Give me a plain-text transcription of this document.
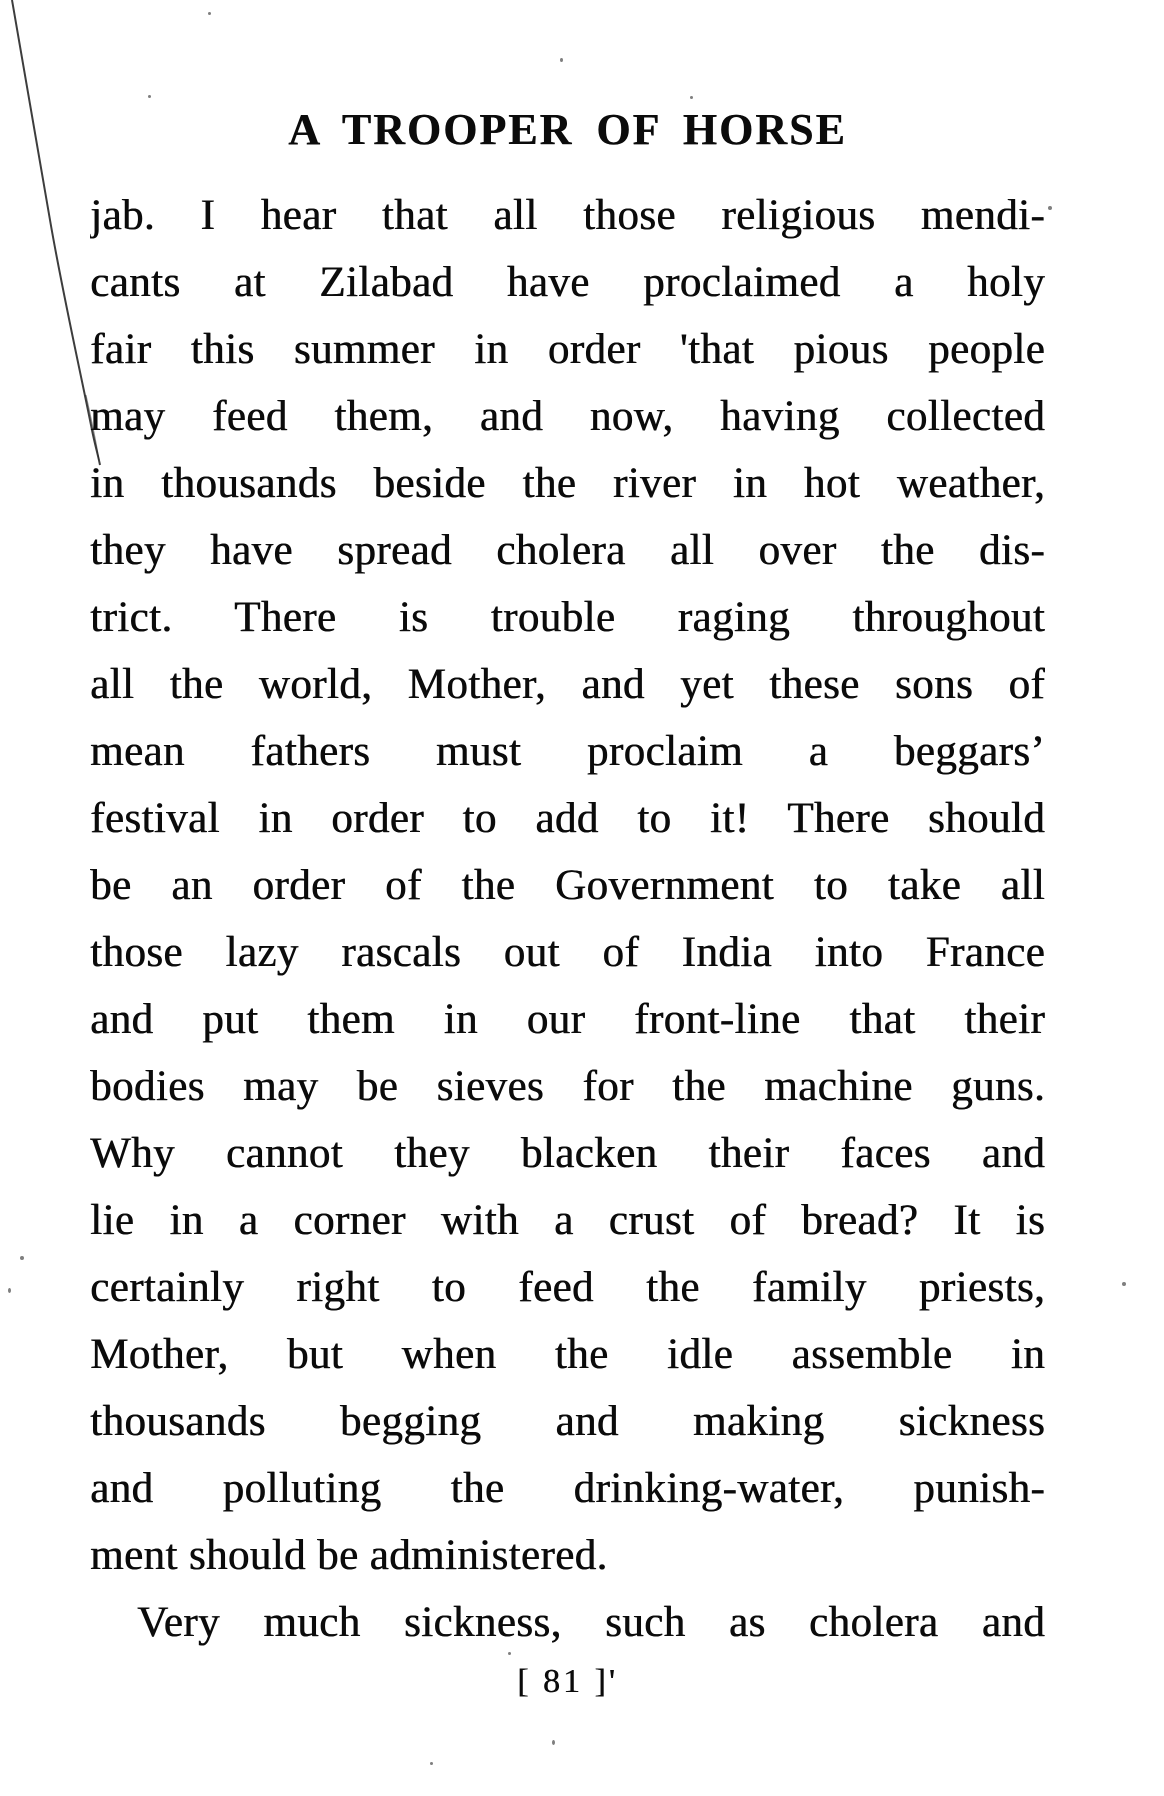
A TROOPER OF HORSE
jab. I hear that all those religious mendi-
cants at Zilabad have proclaimed a holy
fair this summer in order 'that pious people
may feed them, and now, having collected
in thousands beside the river in hot weather,
they have spread cholera all over the dis-
trict. There is trouble raging throughout
all the world, Mother, and yet these sons of
mean fathers must proclaim a beggars’
festival in order to add to it! There should
be an order of the Government to take all
those lazy rascals out of India into France
and put them in our front-line that their
bodies may be sieves for the machine guns.
Why cannot they blacken their faces and
lie in a corner with a crust of bread? It is
certainly right to feed the family priests,
Mother, but when the idle assemble in
thousands begging and making sickness
and polluting the drinking-water, punish-
ment should be administered.
Very much sickness, such as cholera and
[ 81 ]'
